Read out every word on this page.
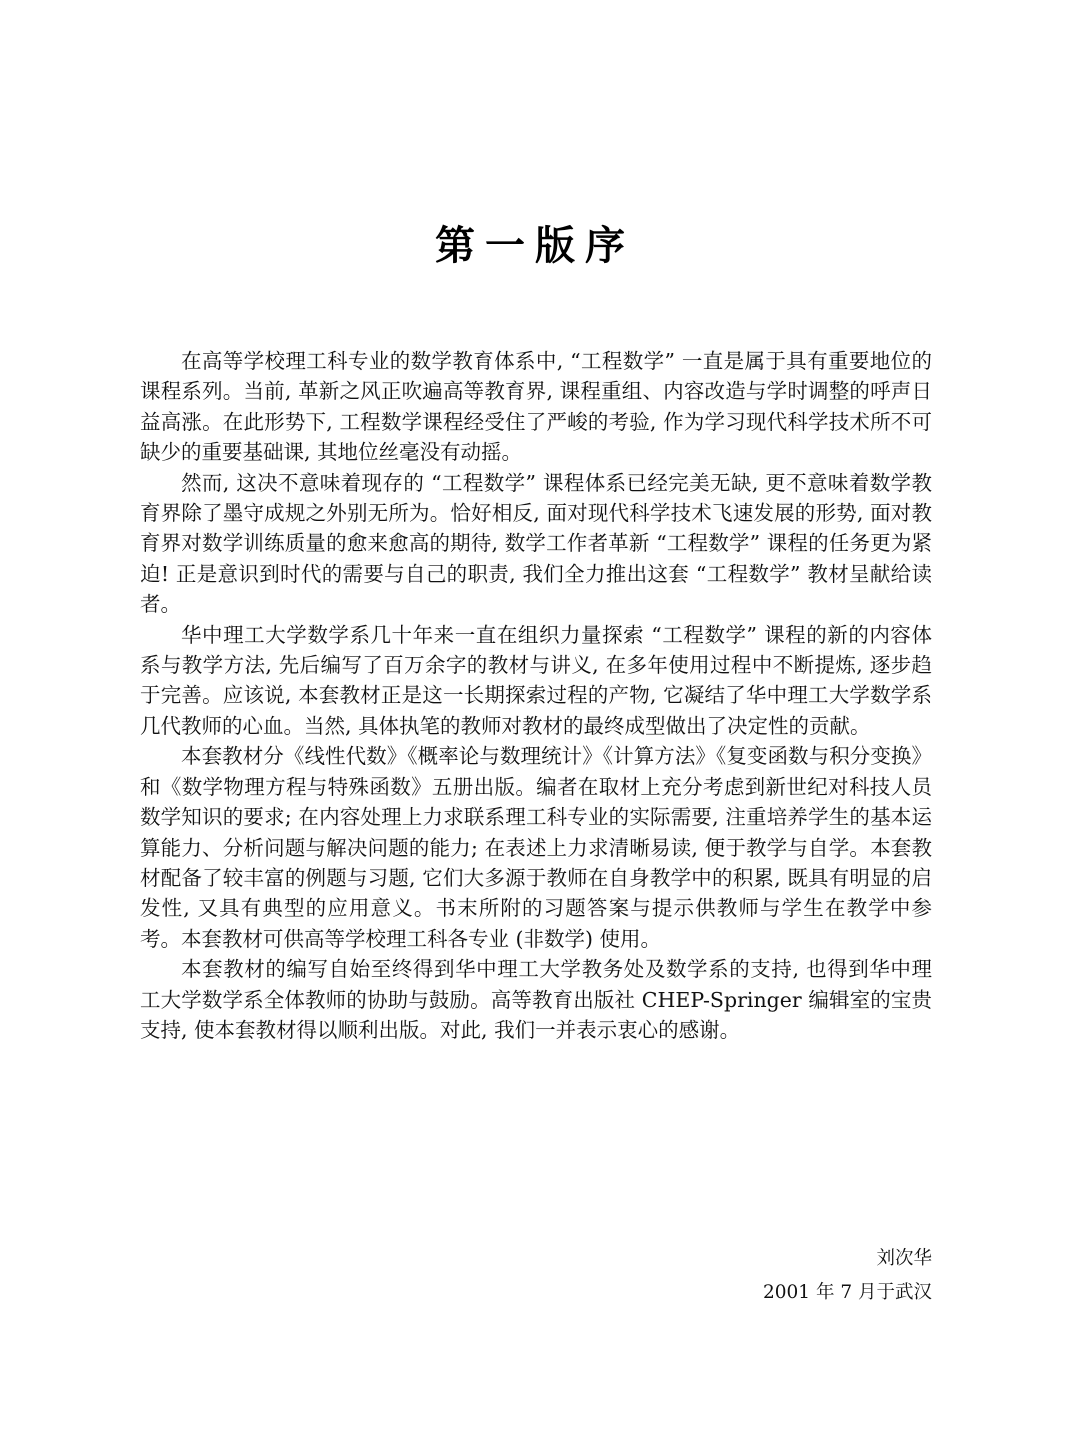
第一版序

在高等学校理工科专业的数学教育体系中, “工程数学” 一直是属于具有重要地位的课程系列。当前, 革新之风正吹遍高等教育界, 课程重组、内容改造与学时调整的呼声日益高涨。在此形势下, 工程数学课程经受住了严峻的考验, 作为学习现代科学技术所不可缺少的重要基础课, 其地位丝毫没有动摇。

然而, 这决不意味着现存的 “工程数学” 课程体系已经完美无缺, 更不意味着数学教育界除了墨守成规之外别无所为。恰好相反, 面对现代科学技术飞速发展的形势, 面对教育界对数学训练质量的愈来愈高的期待, 数学工作者革新 “工程数学” 课程的任务更为紧迫! 正是意识到时代的需要与自己的职责, 我们全力推出这套 “工程数学” 教材呈献给读者。

华中理工大学数学系几十年来一直在组织力量探索 “工程数学” 课程的新的内容体系与教学方法, 先后编写了百万余字的教材与讲义, 在多年使用过程中不断提炼, 逐步趋于完善。应该说, 本套教材正是这一长期探索过程的产物, 它凝结了华中理工大学数学系几代教师的心血。当然, 具体执笔的教师对教材的最终成型做出了决定性的贡献。

本套教材分《线性代数》《概率论与数理统计》《计算方法》《复变函数与积分变换》和《数学物理方程与特殊函数》五册出版。编者在取材上充分考虑到新世纪对科技人员数学知识的要求; 在内容处理上力求联系理工科专业的实际需要, 注重培养学生的基本运算能力、分析问题与解决问题的能力; 在表述上力求清晰易读, 便于教学与自学。本套教材配备了较丰富的例题与习题, 它们大多源于教师在自身教学中的积累, 既具有明显的启发性, 又具有典型的应用意义。书末所附的习题答案与提示供教师与学生在教学中参考。本套教材可供高等学校理工科各专业 (非数学) 使用。

本套教材的编写自始至终得到华中理工大学教务处及数学系的支持, 也得到华中理工大学数学系全体教师的协助与鼓励。高等教育出版社 CHEP-Springer 编辑室的宝贵支持, 使本套教材得以顺利出版。对此, 我们一并表示衷心的感谢。

刘次华
2001 年 7 月于武汉
